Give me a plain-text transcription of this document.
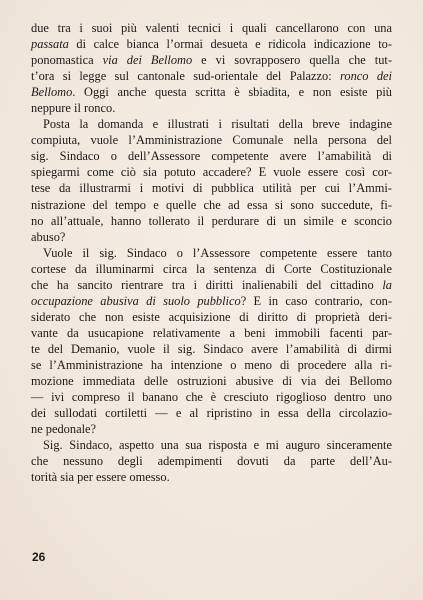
due tra i suoi più valenti tecnici i quali cancellarono con una
passata di calce bianca l’ormai desueta e ridicola indicazione to-
ponomastica via dei Bellomo e vi sovrapposero quella che tut-
t’ora si legge sul cantonale sud-orientale del Palazzo: ronco dei
Bellomo. Oggi anche questa scritta è sbiadita, e non esiste più
neppure il ronco.
Posta la domanda e illustrati i risultati della breve indagine
compiuta, vuole l’Amministrazione Comunale nella persona del
sig. Sindaco o dell’Assessore competente avere l’amabilità di
spiegarmi come ciò sia potuto accadere? E vuole essere così cor-
tese da illustrarmi i motivi di pubblica utilità per cui l’Ammi-
nistrazione del tempo e quelle che ad essa si sono succedute, fi-
no all’attuale, hanno tollerato il perdurare di un simile e sconcio
abuso?
Vuole il sig. Sindaco o l’Assessore competente essere tanto
cortese da illuminarmi circa la sentenza di Corte Costituzionale
che ha sancito rientrare tra i diritti inalienabili del cittadino la
occupazione abusiva di suolo pubblico? E in caso contrario, con-
siderato che non esiste acquisizione di diritto di proprietà deri-
vante da usucapione relativamente a beni immobili facenti par-
te del Demanio, vuole il sig. Sindaco avere l’amabilità di dirmi
se l’Amministrazione ha intenzione o meno di procedere alla ri-
mozione immediata delle ostruzioni abusive di via dei Bellomo
— ivi compreso il banano che è cresciuto rigoglioso dentro uno
dei sullodati cortiletti — e al ripristino in essa della circolazio-
ne pedonale?
Sig. Sindaco, aspetto una sua risposta e mi auguro sinceramente
che nessuno degli adempimenti dovuti da parte dell’Au-
torità sia per essere omesso.
26
